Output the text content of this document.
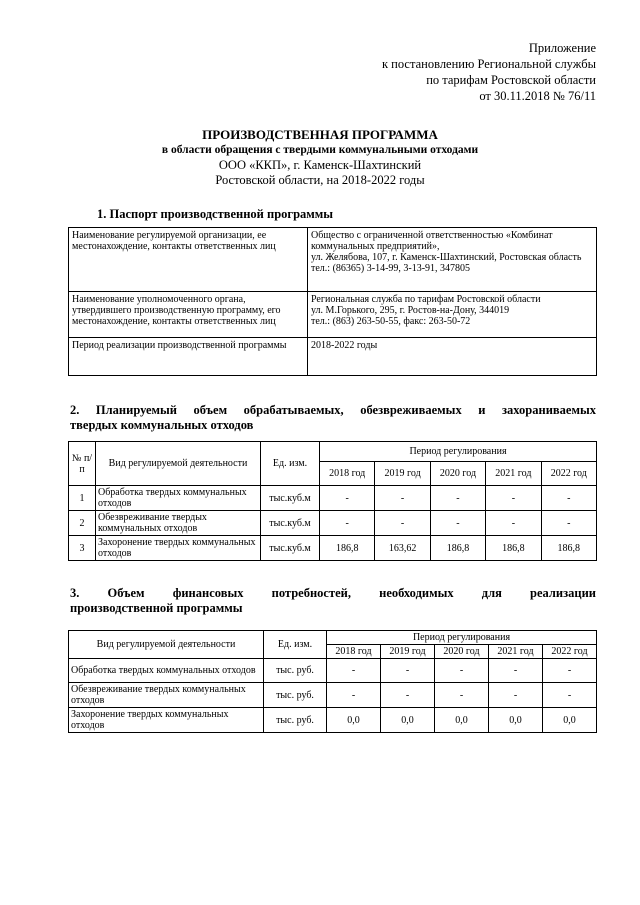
Приложение
к постановлению Региональной службы
по тарифам Ростовской области
от 30.11.2018 № 76/11
ПРОИЗВОДСТВЕННАЯ ПРОГРАММА
в области обращения с твердыми коммунальными отходами
ООО «ККП», г. Каменск-Шахтинский
Ростовской области, на 2018-2022 годы
1. Паспорт производственной программы
Наименование регулируемой организации, ее местонахождение, контакты ответственных лиц	Общество с ограниченной ответственностью «Комбинат коммунальных предприятий»,
ул. Желябова, 107, г. Каменск-Шахтинский, Ростовская область
тел.: (86365) 3-14-99, 3-13-91, 347805

Наименование уполномоченного органа, утвердившего производственную программу, его местонахождение, контакты ответственных лиц	Региональная служба по тарифам Ростовской области
ул. М.Горького, 295, г. Ростов-на-Дону, 344019
тел.: (863) 263-50-55, факс: 263-50-72

Период реализации производственной программы	2018-2022 годы
2. Планируемый объем обрабатываемых, обезвреживаемых и захораниваемых
твердых коммунальных отходов
№ п/п	Вид регулируемой деятельности	Ед. изм.	Период регулирования				
			2018 год	2019 год	2020 год	2021 год	2022 год
1	Обработка твердых коммунальных отходов	тыс.куб.м	-	-	-	-	-
2	Обезвреживание твердых коммунальных отходов	тыс.куб.м	-	-	-	-	-
3	Захоронение твердых коммунальных отходов	тыс.куб.м	186,8	163,62	186,8	186,8	186,8
3. Объем финансовых потребностей, необходимых для реализации
производственной программы
Вид регулируемой деятельности	Ед. изм.	Период регулирования				
		2018 год	2019 год	2020 год	2021 год	2022 год
Обработка твердых коммунальных отходов	тыс. руб.	-	-	-	-	-
Обезвреживание твердых коммунальных отходов	тыс. руб.	-	-	-	-	-
Захоронение твердых коммунальных отходов	тыс. руб.	0,0	0,0	0,0	0,0	0,0
